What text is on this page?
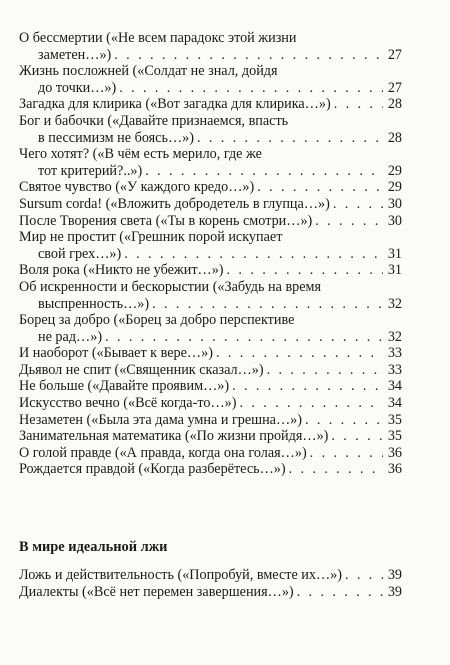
О бессмертии («Не всем парадокс этой жизни
заметен…») . . .	27
Жизнь посложней («Солдат не знал, дойдя
до точки…») . . .	27
Загадка для клирика («Вот загадка для клирика…») . . .	28
Бог и бабочки («Давайте признаемся, впасть
в пессимизм не боясь…») . . .	28
Чего хотят? («В чём есть мерило, где же
тот критерий?..») . . .	29
Святое чувство («У каждого кредо…») . . .	29
Sursum corda! («Вложить добродетель в глупца…») . . .	30
После Творения света («Ты в корень смотри…») . . .	30
Мир не простит («Грешник порой искупает
свой грех…») . . .	31
Воля рока («Никто не убежит…») . . .	31
Об искренности и бескорыстии («Забудь на время
выспренность…») . . .	32
Борец за добро («Борец за добро перспективе
не рад…») . . .	32
И наоборот («Бывает к вере…») . . .	33
Дьявол не спит («Священник сказал…») . . .	33
Не больше («Давайте проявим…») . . .	34
Искусство вечно («Всё когда-то…») . . .	34
Незаметен («Была эта дама умна и грешна…») . . .	35
Занимательная математика («По жизни пройдя…») . . .	35
О голой правде («А правда, когда она голая…») . . .	36
Рождается правдой («Когда разберётесь…») . . .	36
В мире идеальной лжи
Ложь и действительность («Попробуй, вместе их…») . . .	39
Диалекты («Всё нет перемен завершения…») . . .	39
